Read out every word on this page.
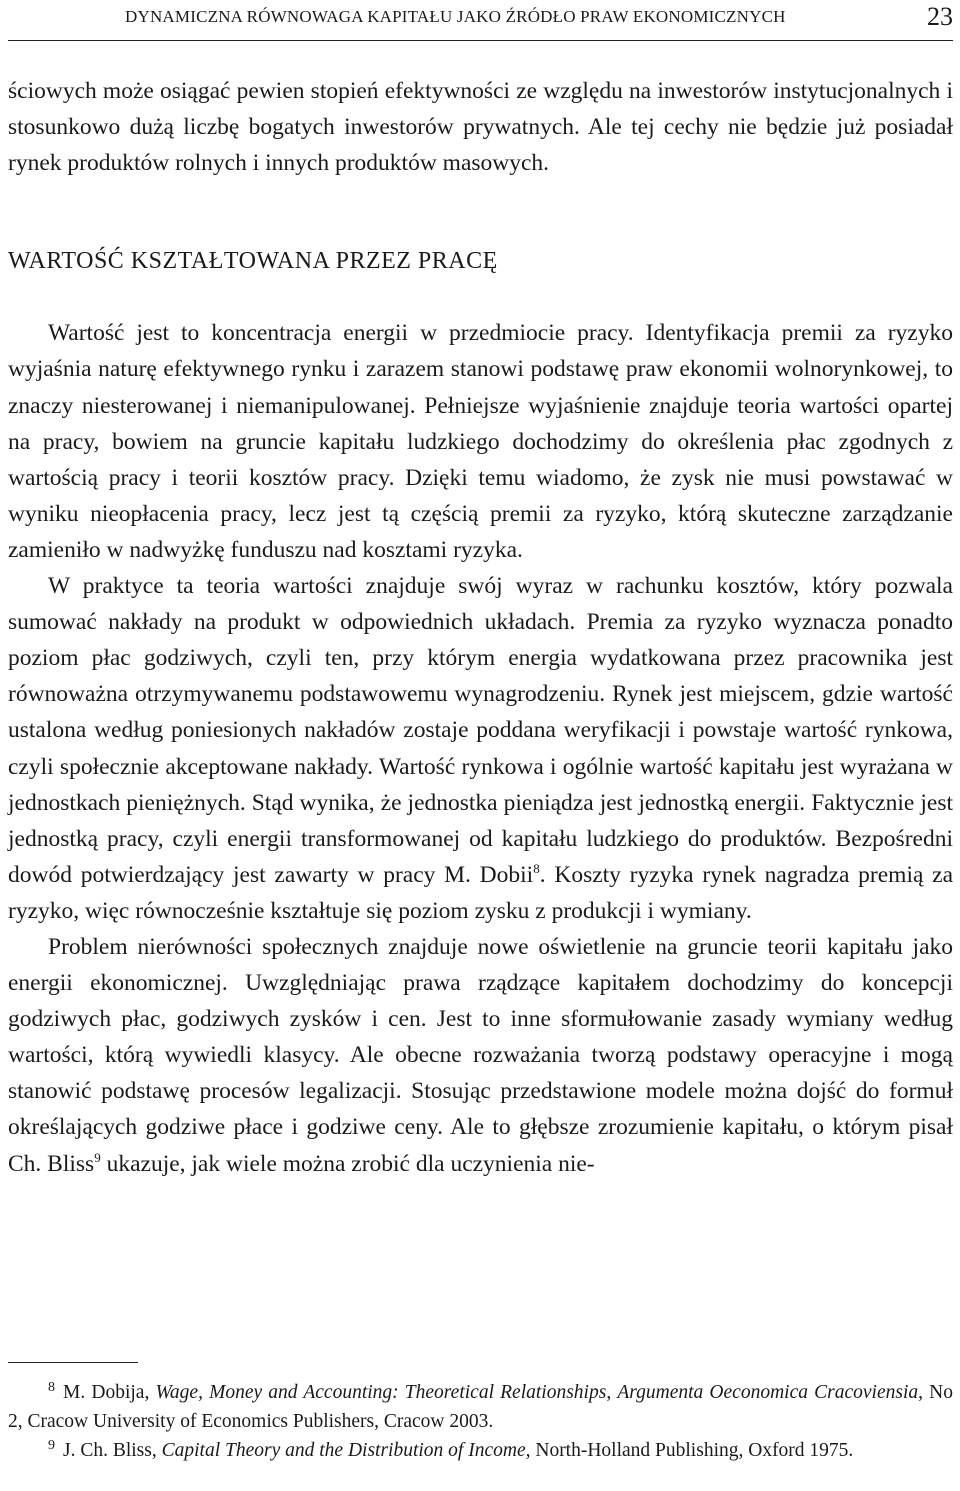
DYNAMICZNA RÓWNOWAGA KAPITAŁU JAKO ŹRÓDŁO PRAW EKONOMICZNYCH	23

ściowych może osiągać pewien stopień efektywności ze względu na inwestorów instytucjonalnych i stosunkowo dużą liczbę bogatych inwestorów prywatnych. Ale tej cechy nie będzie już posiadał rynek produktów rolnych i innych produktów masowych.

WARTOŚĆ KSZTAŁTOWANA PRZEZ PRACĘ

Wartość jest to koncentracja energii w przedmiocie pracy. Identyfikacja premii za ryzyko wyjaśnia naturę efektywnego rynku i zarazem stanowi podstawę praw ekonomii wolnorynkowej, to znaczy niesterowanej i niemanipulowanej. Pełniejsze wyjaśnienie znajduje teoria wartości opartej na pracy, bowiem na gruncie kapitału ludzkiego dochodzimy do określenia płac zgodnych z wartością pracy i teorii kosztów pracy. Dzięki temu wiadomo, że zysk nie musi powstawać w wyniku nieopłacenia pracy, lecz jest tą częścią premii za ryzyko, którą skuteczne zarządzanie zamieniło w nadwyżkę funduszu nad kosztami ryzyka.

W praktyce ta teoria wartości znajduje swój wyraz w rachunku kosztów, który pozwala sumować nakłady na produkt w odpowiednich układach. Premia za ryzyko wyznacza ponadto poziom płac godziwych, czyli ten, przy którym energia wydatkowana przez pracownika jest równoważna otrzymywanemu podstawowemu wynagrodzeniu. Rynek jest miejscem, gdzie wartość ustalona według poniesionych nakładów zostaje poddana weryfikacji i powstaje wartość rynkowa, czyli społecznie akceptowane nakłady. Wartość rynkowa i ogólnie wartość kapitału jest wyrażana w jednostkach pieniężnych. Stąd wynika, że jednostka pieniądza jest jednostką energii. Faktycznie jest jednostką pracy, czyli energii transformowanej od kapitału ludzkiego do produktów. Bezpośredni dowód potwierdzający jest zawarty w pracy M. Dobii$^8$. Koszty ryzyka rynek nagradza premią za ryzyko, więc równocześnie kształtuje się poziom zysku z produkcji i wymiany.

Problem nierówności społecznych znajduje nowe oświetlenie na gruncie teorii kapitału jako energii ekonomicznej. Uwzględniając prawa rządzące kapitałem dochodzimy do koncepcji godziwych płac, godziwych zysków i cen. Jest to inne sformułowanie zasady wymiany według wartości, którą wywiedli klasycy. Ale obecne rozważania tworzą podstawy operacyjne i mogą stanowić podstawę procesów legalizacji. Stosując przedstawione modele można dojść do formuł określających godziwe płace i godziwe ceny. Ale to głębsze zrozumienie kapitału, o którym pisał Ch. Bliss$^9$ ukazuje, jak wiele można zrobić dla uczynienia nie-

$^8$ M. Dobija, Wage, Money and Accounting: Theoretical Relationships, Argumenta Oeconomica Cracoviensia, No 2, Cracow University of Economics Publishers, Cracow 2003.

$^9$ J. Ch. Bliss, Capital Theory and the Distribution of Income, North-Holland Publishing, Oxford 1975.
